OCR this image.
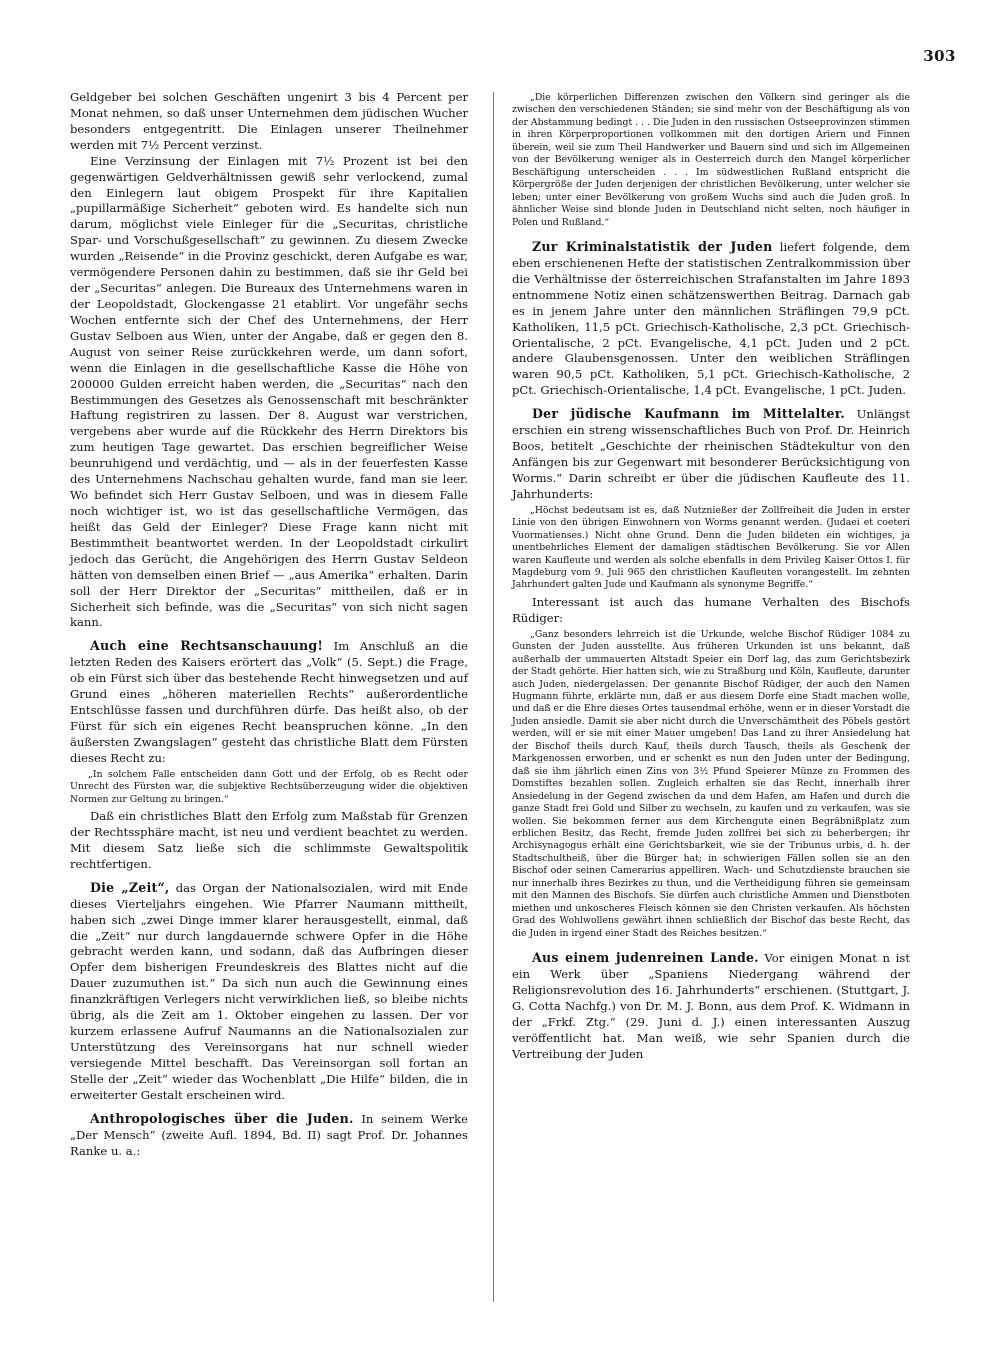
303

Geldgeber bei solchen Geschäften ungenirt 3 bis 4 Percent per Monat nehmen, so daß unser Unternehmen dem jüdischen Wucher besonders entgegentritt. Die Einlagen unserer Theilnehmer werden mit 7½ Percent verzinst.

Eine Verzinsung der Einlagen mit 7½ Prozent ist bei den gegenwärtigen Geldverhältnissen gewiß sehr verlockend, zumal den Einlegern laut obigem Prospekt für ihre Kapitalien „pupillarmäßige Sicherheit“ geboten wird. Es handelte sich nun darum, möglichst viele Einleger für die „Securitas, christliche Spar- und Vorschußgesellschaft“ zu gewinnen. Zu diesem Zwecke wurden „Reisende“ in die Provinz geschickt, deren Aufgabe es war, vermögendere Personen dahin zu bestimmen, daß sie ihr Geld bei der „Securitas“ anlegen. Die Bureaux des Unternehmens waren in der Leopoldstadt, Glockengasse 21 etablirt. Vor ungefähr sechs Wochen entfernte sich der Chef des Unternehmens, der Herr Gustav Selboen aus Wien, unter der Angabe, daß er gegen den 8. August von seiner Reise zurückkehren werde, um dann sofort, wenn die Einlagen in die gesellschaftliche Kasse die Höhe von 200000 Gulden erreicht haben werden, die „Securitas“ nach den Bestimmungen des Gesetzes als Genossenschaft mit beschränkter Haftung registriren zu lassen. Der 8. August war verstrichen, vergebens aber wurde auf die Rückkehr des Herrn Direktors bis zum heutigen Tage gewartet. Das erschien begreiflicher Weise beunruhigend und verdächtig, und — als in der feuerfesten Kasse des Unternehmens Nachschau gehalten wurde, fand man sie leer. Wo befindet sich Herr Gustav Selboen, und was in diesem Falle noch wichtiger ist, wo ist das gesellschaftliche Vermögen, das heißt das Geld der Einleger? Diese Frage kann nicht mit Bestimmtheit beantwortet werden. In der Leopoldstadt cirkulirt jedoch das Gerücht, die Angehörigen des Herrn Gustav Seldeon hätten von demselben einen Brief — „aus Amerika“ erhalten. Darin soll der Herr Direktor der „Securitas“ mittheilen, daß er in Sicherheit sich befinde, was die „Securitas“ von sich nicht sagen kann.

Auch eine Rechtsanschauung! Im Anschluß an die letzten Reden des Kaisers erörtert das „Volk“ (5. Sept.) die Frage, ob ein Fürst sich über das bestehende Recht hinwegsetzen und auf Grund eines „höheren materiellen Rechts“ außerordentliche Entschlüsse fassen und durchführen dürfe. Das heißt also, ob der Fürst für sich ein eigenes Recht beanspruchen könne. „In den äußersten Zwangslagen“ gesteht das christliche Blatt dem Fürsten dieses Recht zu:

„In solchem Falle entscheiden dann Gott und der Erfolg, ob es Recht oder Unrecht des Fürsten war, die subjektive Rechtsüberzeugung wider die objektiven Normen zur Geltung zu bringen.“

Daß ein christliches Blatt den Erfolg zum Maßstab für Grenzen der Rechtssphäre macht, ist neu und verdient beachtet zu werden. Mit diesem Satz ließe sich die schlimmste Gewaltspolitik rechtfertigen.

Die „Zeit“, das Organ der Nationalsozialen, wird mit Ende dieses Vierteljahrs eingehen. Wie Pfarrer Naumann mittheilt, haben sich „zwei Dinge immer klarer herausgestellt, einmal, daß die „Zeit“ nur durch langdauernde schwere Opfer in die Höhe gebracht werden kann, und sodann, daß das Aufbringen dieser Opfer dem bisherigen Freundeskreis des Blattes nicht auf die Dauer zuzumuthen ist.“ Da sich nun auch die Gewinnung eines finanzkräftigen Verlegers nicht verwirklichen ließ, so bleibe nichts übrig, als die Zeit am 1. Oktober eingehen zu lassen. Der vor kurzem erlassene Aufruf Naumanns an die Nationalsozialen zur Unterstützung des Vereinsorgans hat nur schnell wieder versiegende Mittel beschafft. Das Vereinsorgan soll fortan an Stelle der „Zeit“ wieder das Wochenblatt „Die Hilfe“ bilden, die in erweiterter Gestalt erscheinen wird.

Anthropologisches über die Juden. In seinem Werke „Der Mensch“ (zweite Aufl. 1894, Bd. II) sagt Prof. Dr. Johannes Ranke u. a.:

„Die körperlichen Differenzen zwischen den Völkern sind geringer als die zwischen den verschiedenen Ständen; sie sind mehr von der Beschäftigung als von der Abstammung bedingt . . . Die Juden in den russischen Ostseeprovinzen stimmen in ihren Körperproportionen vollkommen mit den dortigen Ariern und Finnen überein, weil sie zum Theil Handwerker und Bauern sind und sich im Allgemeinen von der Bevölkerung weniger als in Oesterreich durch den Mangel körperlicher Beschäftigung unterscheiden . . . Im südwestlichen Rußland entspricht die Körpergröße der Juden derjenigen der christlichen Bevölkerung, unter welcher sie leben; unter einer Bevölkerung von großem Wuchs sind auch die Juden groß. In ähnlicher Weise sind blonde Juden in Deutschland nicht selten, noch häufiger in Polen und Rußland.“

Zur Kriminalstatistik der Juden liefert folgende, dem eben erschienenen Hefte der statistischen Zentralkommission über die Verhältnisse der österreichischen Strafanstalten im Jahre 1893 entnommene Notiz einen schätzenswerthen Beitrag. Darnach gab es in jenem Jahre unter den männlichen Sträflingen 79,9 pCt. Katholiken, 11,5 pCt. Griechisch-Katholische, 2,3 pCt. Griechisch-Orientalische, 2 pCt. Evangelische, 4,1 pCt. Juden und 2 pCt. andere Glaubensgenossen. Unter den weiblichen Sträflingen waren 90,5 pCt. Katholiken, 5,1 pCt. Griechisch-Katholische, 2 pCt. Griechisch-Orientalische, 1,4 pCt. Evangelische, 1 pCt. Juden.

Der jüdische Kaufmann im Mittelalter. Unlängst erschien ein streng wissenschaftliches Buch von Prof. Dr. Heinrich Boos, betitelt „Geschichte der rheinischen Städtekultur von den Anfängen bis zur Gegenwart mit besonderer Berücksichtigung von Worms.“ Darin schreibt er über die jüdischen Kaufleute des 11. Jahrhunderts:

„Höchst bedeutsam ist es, daß Nutznießer der Zollfreiheit die Juden in erster Linie von den übrigen Einwohnern von Worms genannt werden. (Judaei et coeteri Vuormatienses.) Nicht ohne Grund. Denn die Juden bildeten ein wichtiges, ja unentbehrliches Element der damaligen städtischen Bevölkerung. Sie vor Allen waren Kaufleute und werden als solche ebenfalls in dem Privileg Kaiser Ottos I. für Magdeburg vom 9. Juli 965 den christlichen Kaufleuten vorangestellt. Im zehnten Jahrhundert galten Jude und Kaufmann als synonyme Begriffe.“

Interessant ist auch das humane Verhalten des Bischofs Rüdiger:

„Ganz besonders lehrreich ist die Urkunde, welche Bischof Rüdiger 1084 zu Gunsten der Juden ausstellte. Aus früheren Urkunden ist uns bekannt, daß außerhalb der ummauerten Altstadt Speier ein Dorf lag, das zum Gerichtsbezirk der Stadt gehörte. Hier hatten sich, wie zu Straßburg und Köln, Kaufleute, darunter auch Juden, niedergelassen. Der genannte Bischof Rüdiger, der auch den Namen Hugmann führte, erklärte nun, daß er aus diesem Dorfe eine Stadt machen wolle, und daß er die Ehre dieses Ortes tausendmal erhöhe, wenn er in dieser Vorstadt die Juden ansiedle. Damit sie aber nicht durch die Unverschämtheit des Pöbels gestört werden, will er sie mit einer Mauer umgeben! Das Land zu ihrer Ansiedelung hat der Bischof theils durch Kauf, theils durch Tausch, theils als Geschenk der Markgenossen erworben, und er schenkt es nun den Juden unter der Bedingung, daß sie ihm jährlich einen Zins von 3½ Pfund Speierer Münze zu Frommen des Domstiftes bezahlen sollen. Zugleich erhalten sie das Recht, innerhalb ihrer Ansiedelung in der Gegend zwischen da und dem Hafen, am Hafen und durch die ganze Stadt frei Gold und Silber zu wechseln, zu kaufen und zu verkaufen, was sie wollen. Sie bekommen ferner aus dem Kirchengute einen Begräbnißplatz zum erblichen Besitz, das Recht, fremde Juden zollfrei bei sich zu beherbergen; ihr Archisynagogus erhält eine Gerichtsbarkeit, wie sie der Tribunus urbis, d. h. der Stadtschultheiß, über die Bürger hat; in schwierigen Fällen sollen sie an den Bischof oder seinen Camerarius appelliren. Wach- und Schutzdienste brauchen sie nur innerhalb ihres Bezirkes zu thun, und die Vertheidigung führen sie gemeinsam mit den Mannen des Bischofs. Sie dürfen auch christliche Ammen und Dienstboten miethen und unkoscheres Fleisch können sie den Christen verkaufen. Als höchsten Grad des Wohlwollens gewährt ihnen schließlich der Bischof das beste Recht, das die Juden in irgend einer Stadt des Reiches besitzen.“

Aus einem judenreinen Lande. Vor einigen Monat n ist ein Werk über „Spaniens Niedergang während der Religionsrevolution des 16. Jahrhunderts“ erschienen. (Stuttgart, J. G. Cotta Nachfg.) von Dr. M. J. Bonn, aus dem Prof. K. Widmann in der „Frkf. Ztg.“ (29. Juni d. J.) einen interessanten Auszug veröffentlicht hat. Man weiß, wie sehr Spanien durch die Vertreibung der Juden
